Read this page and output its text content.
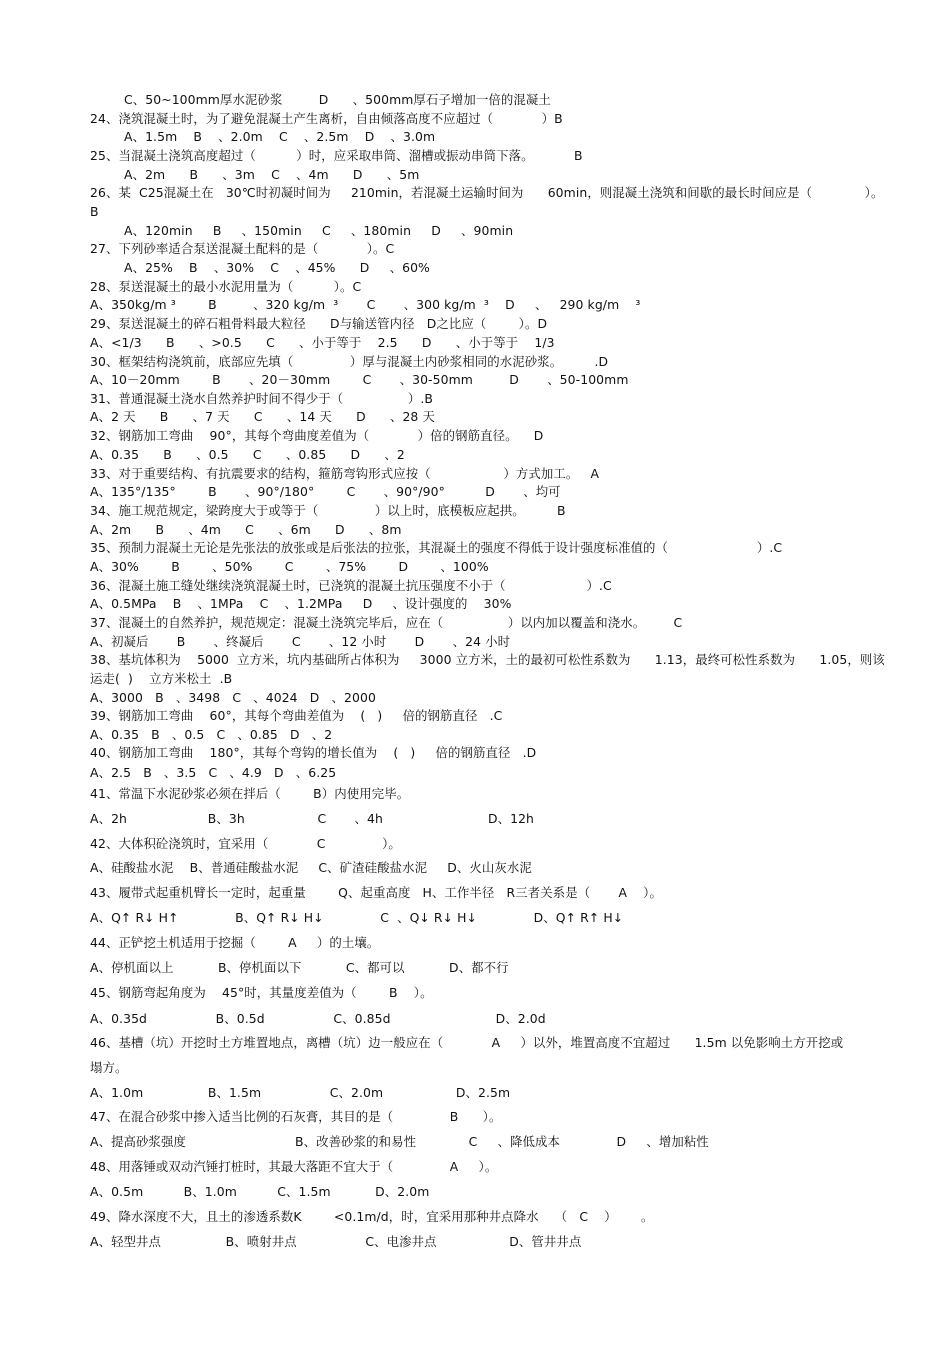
C、50~100mm厚水泥砂浆         D      、500mm厚石子增加一倍的混凝土
24、浇筑混凝土时，为了避免混凝土产生离析，自由倾落高度不应超过（            ）B
A、1.5m    B    、2.0m    C    、2.5m    D    、3.0m
25、当混凝土浇筑高度超过（          ）时，应采取串筒、溜槽或振动串筒下落。          B
A、2m      B      、3m    C    、4m      D      、5m
26、某  C25混凝土在   30℃时初凝时间为     210min，若混凝土运输时间为      60min，则混凝土浇筑和间歇的最长时间应是（             ）。
B
A、120min     B     、150min     C     、180min     D     、90min
27、下列砂率适合泵送混凝土配料的是（            ）。C
A、25%    B    、30%    C    、45%      D     、60%
28、泵送混凝土的最小水泥用量为（          ）。C
A、350kg/m ³        B         、320 kg/m  ³       C       、300 kg/m  ³    D     、   290 kg/m    ³
29、泵送混凝土的碎石粗骨料最大粒径      D与输送管内径   D之比应（        ）。D
A、<1/3      B      、>0.5      C      、小于等于    2.5      D      、小于等于    1/3
30、框架结构浇筑前，底部应先填（              ）厚与混凝土内砂浆相同的水泥砂浆。        .D
A、10－20mm        B       、20－30mm        C       、30-50mm         D       、50-100mm
31、普通混凝土浇水自然养护时间不得少于（                ）.B
A、2 天      B      、7 天      C      、14 天      D      、28 天
32、钢筋加工弯曲    90°，其每个弯曲度差值为（            ）倍的钢筋直径。    D
A、0.35      B      、0.5      C      、0.85      D      、2
33、对于重要结构、有抗震要求的结构，箍筋弯钩形式应按（                  ）方式加工。   A
A、135°/135°        B       、90°/180°        C       、90°/90°          D       、均可
34、施工规范规定，梁跨度大于或等于（              ）以上时，底模板应起拱。        B
A、2m      B      、4m      C      、6m      D      、8m
35、预制力混凝土无论是先张法的放张或是后张法的拉张，其混凝土的强度不得低于设计强度标准值的（                      ）.C
A、30%        B        、50%        C        、75%        D        、100%
36、混凝土施工缝处继续浇筑混凝土时，已浇筑的混凝土抗压强度不小于（                    ）.C
A、0.5MPa    B    、1MPa    C    、1.2MPa     D     、设计强度的    30%
37、混凝土的自然养护，规范规定：混凝土浇筑完毕后，应在（                ）以内加以覆盖和浇水。       C
A、初凝后       B       、终凝后       C       、12 小时       D       、24 小时
38、基坑体积为    5000  立方米，坑内基础所占体积为     3000 立方米，土的最初可松性系数为      1.13，最终可松性系数为      1.05，则该
运走(  )    立方米松土  .B
A、3000   B   、3498   C   、4024   D   、2000
39、钢筋加工弯曲    60°，其每个弯曲差值为    (   )     倍的钢筋直径   .C
A、0.35   B   、0.5   C   、0.85   D   、2
40、钢筋加工弯曲    180°，其每个弯钩的增长值为    (   )     倍的钢筋直径   .D
A、2.5   B   、3.5   C   、4.9   D   、6.25
41、常温下水泥砂浆必须在拌后（        B）内使用完毕。
A、2h                    B、3h                  C       、4h                          D、12h
42、大体积砼浇筑时，宜采用（            C              ）。
A、硅酸盐水泥    B、普通硅酸盐水泥     C、矿渣硅酸盐水泥     D、火山灰水泥
43、履带式起重机臂长一定时，起重量        Q、起重高度   H、工作半径   R三者关系是（       A    ）。
A、Q↑ R↓ H↑              B、Q↑ R↓ H↓              C  、Q↓ R↓ H↓              D、Q↑ R↑ H↓
44、正铲挖土机适用于挖掘（        A     ）的土壤。
A、停机面以上           B、停机面以下           C、都可以           D、都不行
45、钢筋弯起角度为    45°时，其量度差值为（        B    ）。
A、0.35d                 B、0.5d                 C、0.85d                          D、2.0d
46、基槽（坑）开挖时土方堆置地点，离槽（坑）边一般应在（            A     ）以外，堆置高度不宜超过      1.5m 以免影响土方开挖或
塌方。
A、1.0m                B、1.5m                 C、2.0m                  D、2.5m
47、在混合砂浆中掺入适当比例的石灰膏，其目的是（              B      ）。
A、提高砂浆强度                           B、改善砂浆的和易性             C     、降低成本              D     、增加粘性
48、用落锤或双动汽锤打桩时，其最大落距不宜大于（              A     ）。
A、0.5m          B、1.0m          C、1.5m           D、2.0m
49、降水深度不大，且土的渗透系数K        <0.1m/d，时，宜采用那种井点降水    （   C    ）      。
A、轻型井点                B、喷射井点                 C、电渗井点                  D、管井井点
